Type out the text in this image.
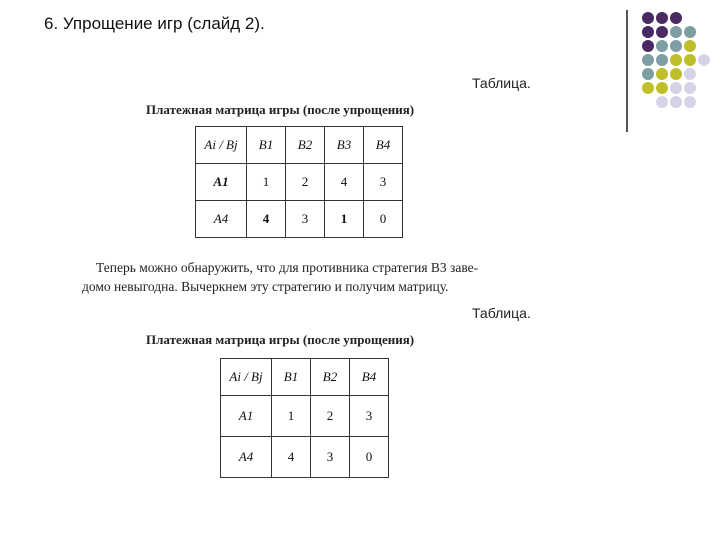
6. Упрощение игр (слайд 2).
Таблица.
Платежная матрица игры (после упрощения)
Ai / Bj	B1	B2	B3	B4
A1	1	2	4	3
A4	4	3	1	0

Теперь можно обнаружить, что для противника стратегия B3 заве-

домо невыгодна. Вычеркнем эту стратегию и получим матрицу.

Таблица.
Платежная матрица игры (после упрощения)
Ai / Bj	B1	B2	B4
A1	1	2	3
A4	4	3	0
